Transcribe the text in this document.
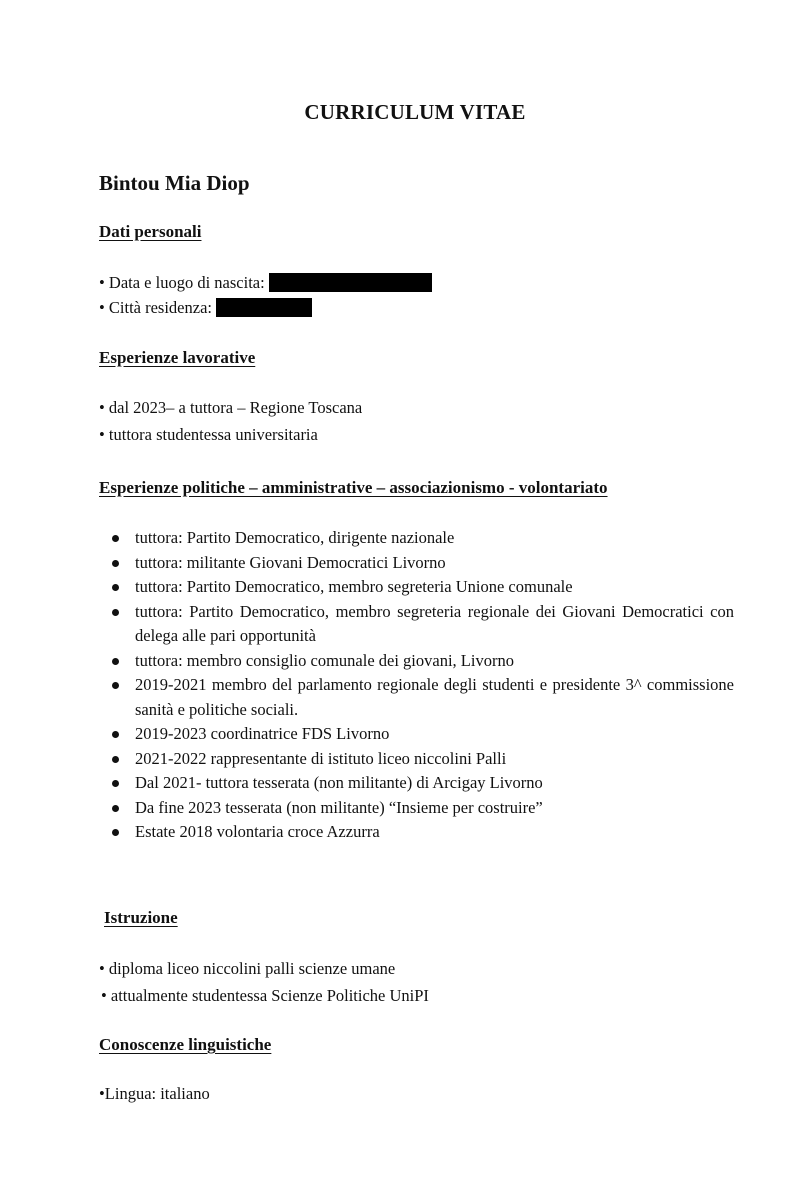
CURRICULUM VITAE
Bintou Mia Diop
Dati personali
• Data e luogo di nascita:
• Città residenza:
Esperienze lavorative
• dal 2023– a tuttora – Regione Toscana
• tuttora studentessa universitaria
Esperienze politiche – amministrative – associazionismo - volontariato
tuttora: Partito Democratico, dirigente nazionale
tuttora: militante Giovani Democratici Livorno
tuttora: Partito Democratico, membro segreteria Unione comunale
tuttora: Partito Democratico, membro segreteria regionale dei Giovani Democratici con delega alle pari opportunità
tuttora: membro consiglio comunale dei giovani, Livorno
2019-2021 membro del parlamento regionale degli studenti e presidente 3^ commissione sanità e politiche sociali.
2019-2023 coordinatrice FDS Livorno
2021-2022 rappresentante di istituto liceo niccolini Palli
Dal 2021- tuttora tesserata (non militante) di Arcigay Livorno
Da fine 2023 tesserata (non militante) “Insieme per costruire”
Estate 2018 volontaria croce Azzurra
Istruzione
• diploma liceo niccolini palli scienze umane
• attualmente studentessa Scienze Politiche UniPI
Conoscenze linguistiche
•Lingua: italiano
